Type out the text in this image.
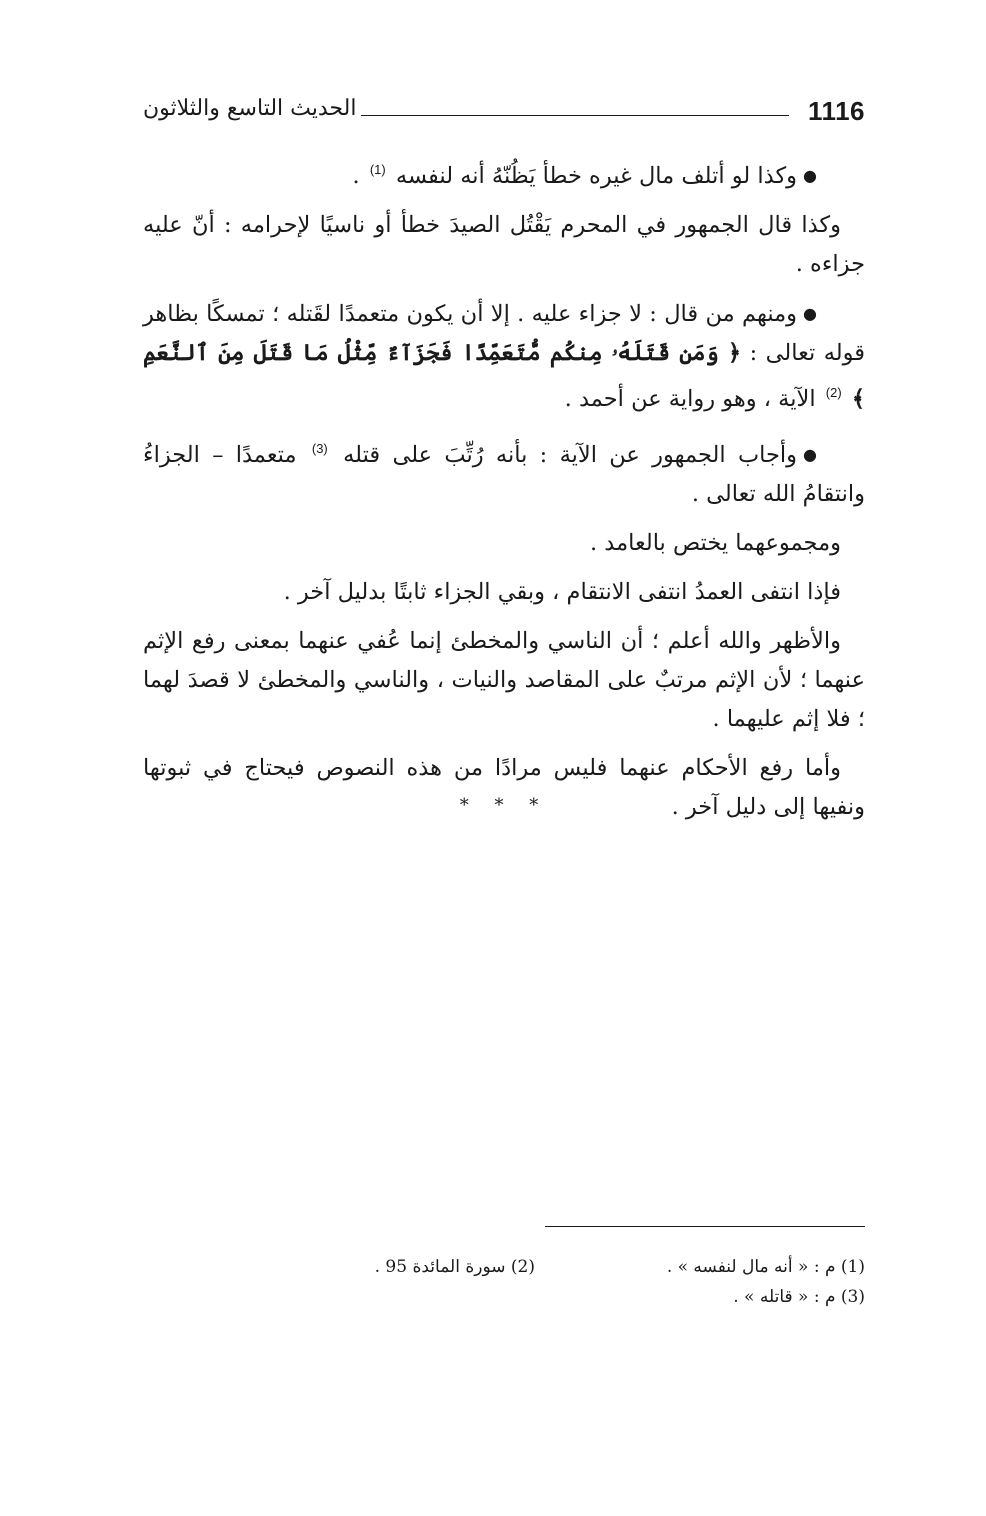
1116
الحديث التاسع والثلاثون

●وكذا لو أتلف مال غيره خطأ يَظُنّهُ أنه لنفسه $^{(1)}$ .

وكذا قال الجمهور في المحرم يَقْتُل الصيدَ خطأ أو ناسيًا لإحرامه : أنّ عليه جزاءه .

●ومنهم من قال : لا جزاء عليه . إلا أن يكون متعمدًا لقَتله ؛ تمسكًا بظاهر قوله تعالى : ﴿ وَمَن قَتَلَهُۥ مِنكُم مُّتَعَمِّدًا فَجَزَآءٌ مِّثْلُ مَا قَتَلَ مِنَ ٱلنَّعَمِ ﴾ $^{(2)}$ الآية ، وهو رواية عن أحمد .

●وأجاب الجمهور عن الآية : بأنه رُتِّبَ على قتله $^{(3)}$ متعمدًا – الجزاءُ وانتقامُ الله تعالى .

ومجموعهما يختص بالعامد .

فإذا انتفى العمدُ انتفى الانتقام ، وبقي الجزاء ثابتًا بدليل آخر .

والأظهر والله أعلم ؛ أن الناسي والمخطئ إنما عُفي عنهما بمعنى رفع الإثم عنهما ؛ لأن الإثم مرتبٌ على المقاصد والنيات ، والناسي والمخطئ لا قصدَ لهما ؛ فلا إثم عليهما .

وأما رفع الأحكام عنهما فليس مرادًا من هذه النصوص فيحتاج في ثبوتها ونفيها إلى دليل آخر .

* * *
(1) م : « أنه مال لنفسه » .
(2) سورة المائدة 95 .
(3) م : « قاتله » .
